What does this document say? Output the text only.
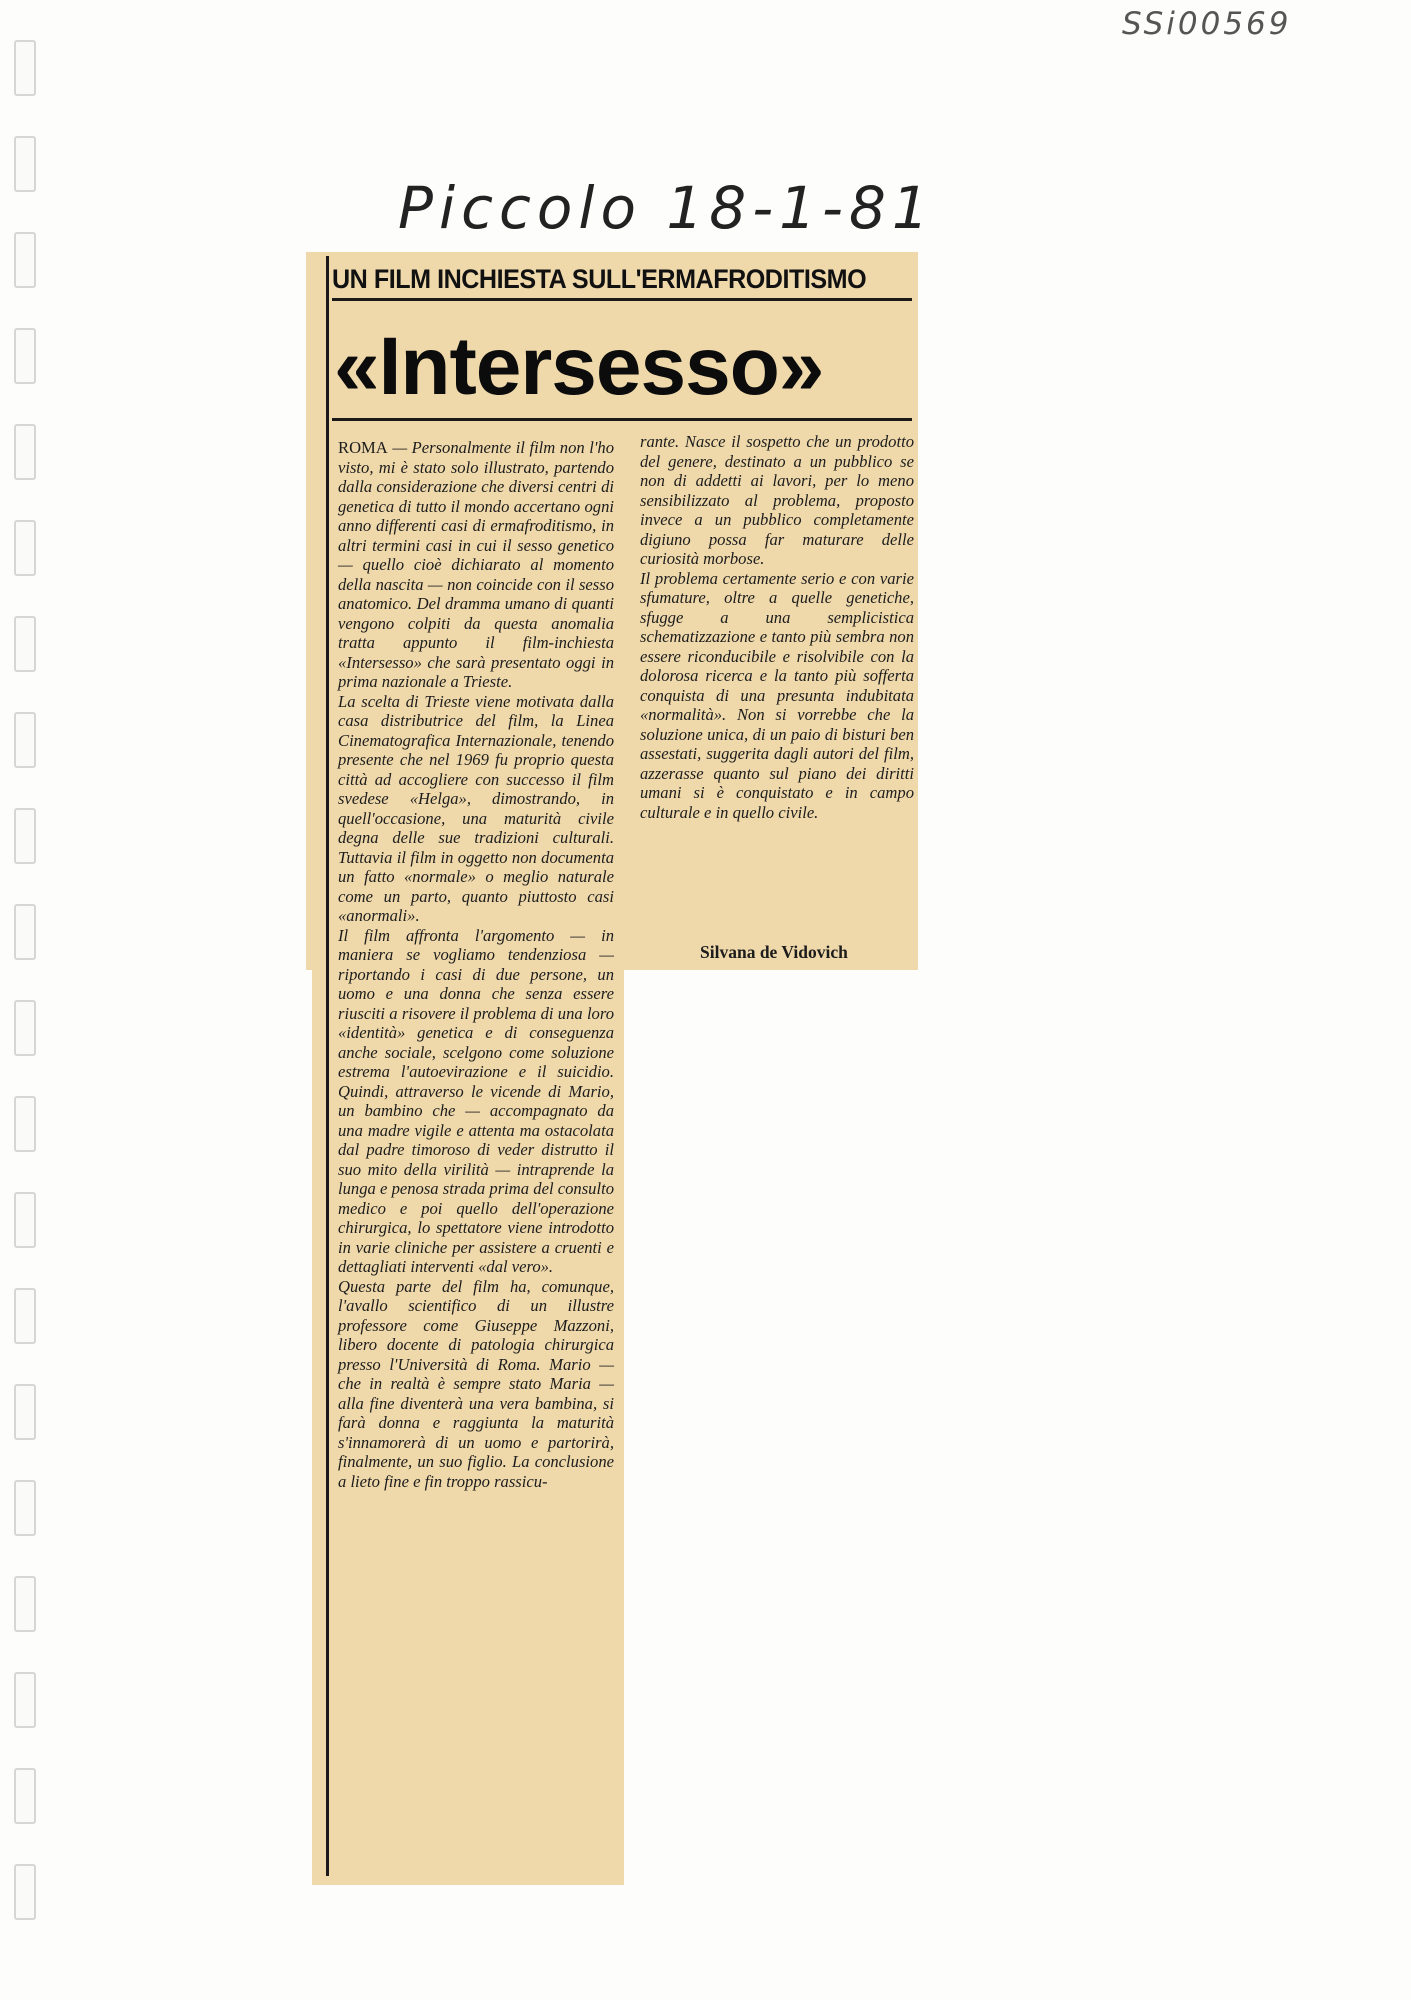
SSi00569
Piccolo 18-1-81
UN FILM INCHIESTA SULL'ERMAFRODITISMO
«Intersesso»
ROMA — Personalmente il film non l'ho visto, mi è stato solo illustrato, partendo dalla considerazione che diversi centri di genetica di tutto il mondo accertano ogni anno differenti casi di ermafroditismo, in altri termini casi in cui il sesso genetico — quello cioè dichiarato al momento della nascita — non coincide con il sesso anatomico. Del dramma umano di quanti vengono colpiti da questa anomalia tratta appunto il film-inchiesta «Intersesso» che sarà presentato oggi in prima nazionale a Trieste.
La scelta di Trieste viene motivata dalla casa distributrice del film, la Linea Cinematografica Internazionale, tenendo presente che nel 1969 fu proprio questa città ad accogliere con successo il film svedese «Helga», dimostrando, in quell'occasione, una maturità civile degna delle sue tradizioni culturali. Tuttavia il film in oggetto non documenta un fatto «normale» o meglio naturale come un parto, quanto piuttosto casi «anormali».
Il film affronta l'argomento — in maniera se vogliamo tendenziosa — riportando i casi di due persone, un uomo e una donna che senza essere riusciti a risovere il problema di una loro «identità» genetica e di conseguenza anche sociale, scelgono come soluzione estrema l'autoevirazione e il suicidio. Quindi, attraverso le vicende di Mario, un bambino che — accompagnato da una madre vigile e attenta ma ostacolata dal padre timoroso di veder distrutto il suo mito della virilità — intraprende la lunga e penosa strada prima del consulto medico e poi quello dell'operazione chirurgica, lo spettatore viene introdotto in varie cliniche per assistere a cruenti e dettagliati interventi «dal vero».
Questa parte del film ha, comunque, l'avallo scientifico di un illustre professore come Giuseppe Mazzoni, libero docente di patologia chirurgica presso l'Università di Roma. Mario — che in realtà è sempre stato Maria — alla fine diventerà una vera bambina, si farà donna e raggiunta la maturità s'innamorerà di un uomo e partorirà, finalmente, un suo figlio. La conclusione a lieto fine e fin troppo rassicu-
rante. Nasce il sospetto che un prodotto del genere, destinato a un pubblico se non di addetti ai lavori, per lo meno sensibilizzato al problema, proposto invece a un pubblico completamente digiuno possa far maturare delle curiosità morbose.
Il problema certamente serio e con varie sfumature, oltre a quelle genetiche, sfugge a una semplicistica schematizzazione e tanto più sembra non essere riconducibile e risolvibile con la dolorosa ricerca e la tanto più sofferta conquista di una presunta indubitata «normalità». Non si vorrebbe che la soluzione unica, di un paio di bisturi ben assestati, suggerita dagli autori del film, azzerasse quanto sul piano dei diritti umani si è conquistato e in campo culturale e in quello civile.
Silvana de Vidovich
